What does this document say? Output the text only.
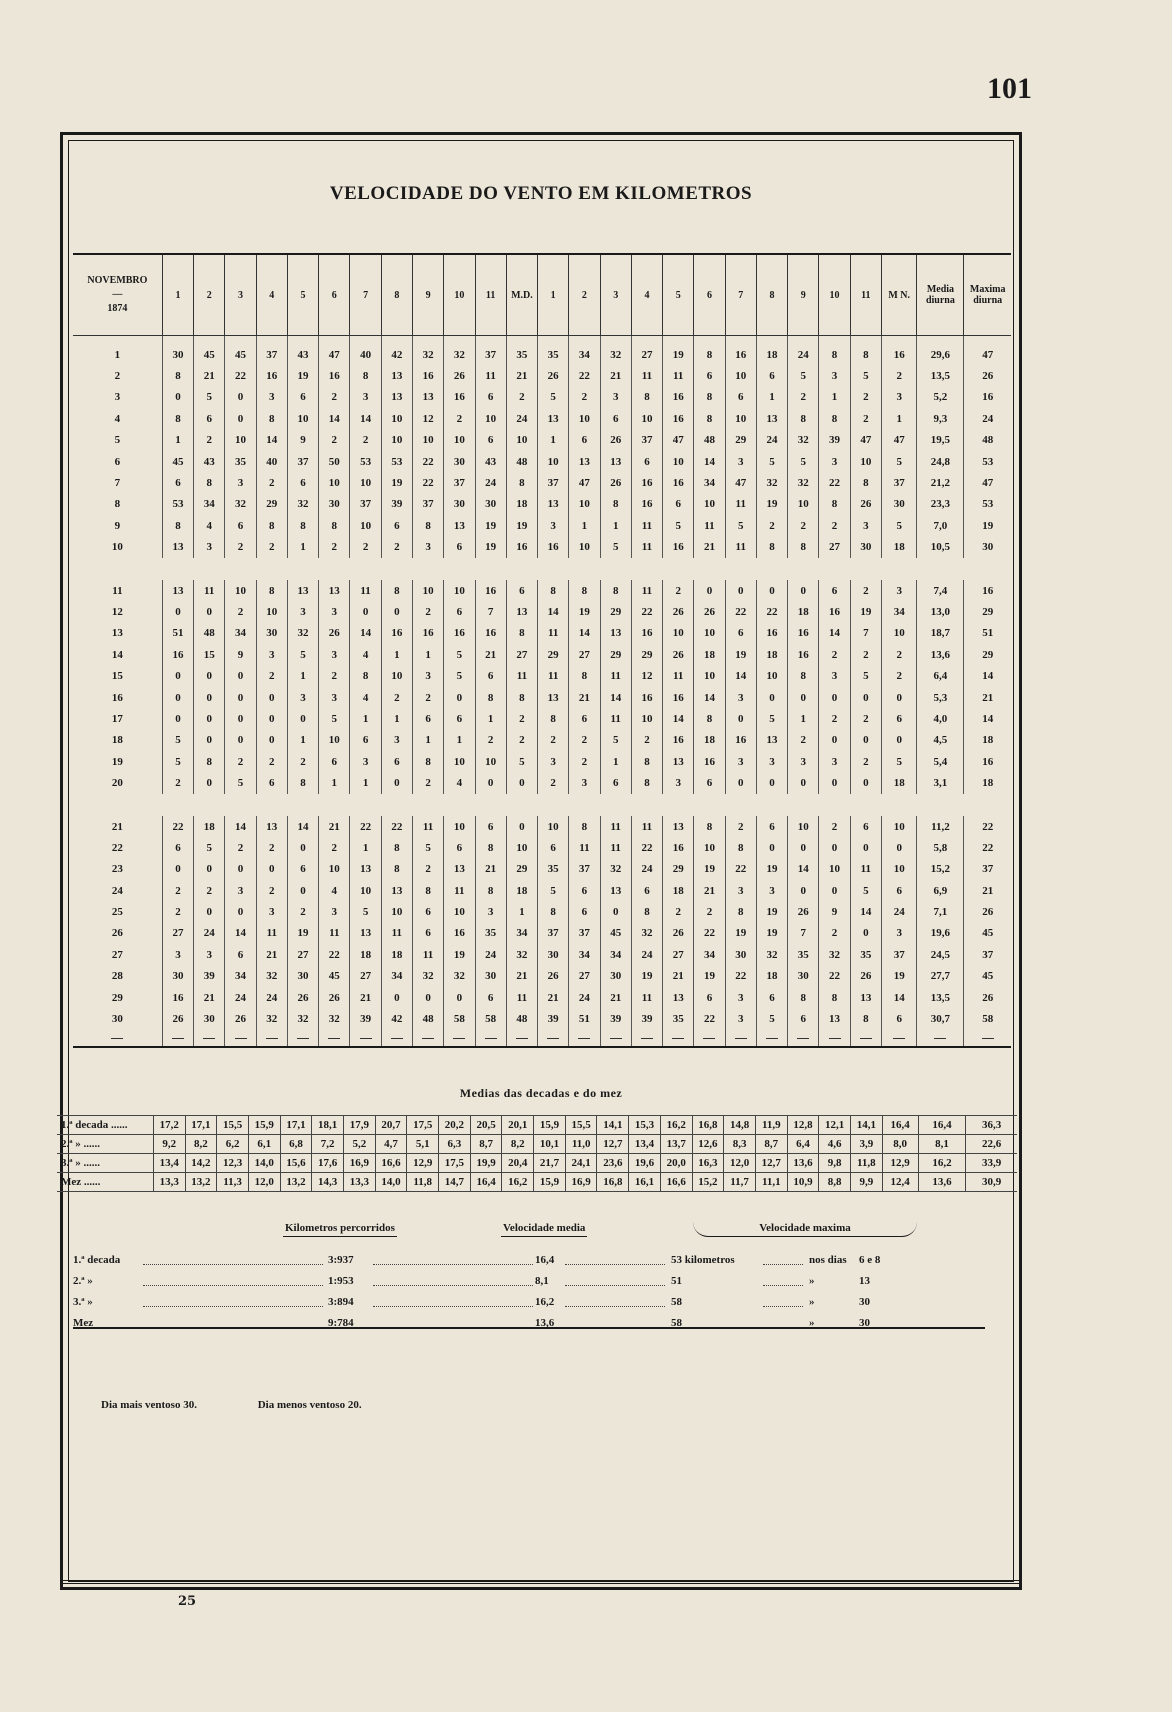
101
VELOCIDADE DO VENTO EM KILOMETROS
NOVEMBRO
—
1874	1	2	3	4	5	6	7	8	9	10	11	M.D.	1	2	3	4	5	6	7	8	9	10	11	M N.	Media diurna	Maxima diurna

1	30	45	45	37	43	47	40	42	32	32	37	35	35	34	32	27	19	8	16	18	24	8	8	16	29,6	47
2	8	21	22	16	19	16	8	13	16	26	11	21	26	22	21	11	11	6	10	6	5	3	5	2	13,5	26
3	0	5	0	3	6	2	3	13	13	16	6	2	5	2	3	8	16	8	6	1	2	1	2	3	5,2	16
4	8	6	0	8	10	14	14	10	12	2	10	24	13	10	6	10	16	8	10	13	8	8	2	1	9,3	24
5	1	2	10	14	9	2	2	10	10	10	6	10	1	6	26	37	47	48	29	24	32	39	47	47	19,5	48
6	45	43	35	40	37	50	53	53	22	30	43	48	10	13	13	6	10	14	3	5	5	3	10	5	24,8	53
7	6	8	3	2	6	10	10	19	22	37	24	8	37	47	26	16	16	34	47	32	32	22	8	37	21,2	47
8	53	34	32	29	32	30	37	39	37	30	30	18	13	10	8	16	6	10	11	19	10	8	26	30	23,3	53
9	8	4	6	8	8	8	10	6	8	13	19	19	3	1	1	11	5	11	5	2	2	2	3	5	7,0	19
10	13	3	2	2	1	2	2	2	3	6	19	16	16	10	5	11	16	21	11	8	8	27	30	18	10,5	30

11	13	11	10	8	13	13	11	8	10	10	16	6	8	8	8	11	2	0	0	0	0	6	2	3	7,4	16
12	0	0	2	10	3	3	0	0	2	6	7	13	14	19	29	22	26	26	22	22	18	16	19	34	13,0	29
13	51	48	34	30	32	26	14	16	16	16	16	8	11	14	13	16	10	10	6	16	16	14	7	10	18,7	51
14	16	15	9	3	5	3	4	1	1	5	21	27	29	27	29	29	26	18	19	18	16	2	2	2	13,6	29
15	0	0	0	2	1	2	8	10	3	5	6	11	11	8	11	12	11	10	14	10	8	3	5	2	6,4	14
16	0	0	0	0	3	3	4	2	2	0	8	8	13	21	14	16	16	14	3	0	0	0	0	0	5,3	21
17	0	0	0	0	0	5	1	1	6	6	1	2	8	6	11	10	14	8	0	5	1	2	2	6	4,0	14
18	5	0	0	0	1	10	6	3	1	1	2	2	2	2	5	2	16	18	16	13	2	0	0	0	4,5	18
19	5	8	2	2	2	6	3	6	8	10	10	5	3	2	1	8	13	16	3	3	3	3	2	5	5,4	16
20	2	0	5	6	8	1	1	0	2	4	0	0	2	3	6	8	3	6	0	0	0	0	0	18	3,1	18

21	22	18	14	13	14	21	22	22	11	10	6	0	10	8	11	11	13	8	2	6	10	2	6	10	11,2	22
22	6	5	2	2	0	2	1	8	5	6	8	10	6	11	11	22	16	10	8	0	0	0	0	0	5,8	22
23	0	0	0	0	6	10	13	8	2	13	21	29	35	37	32	24	29	19	22	19	14	10	11	10	15,2	37
24	2	2	3	2	0	4	10	13	8	11	8	18	5	6	13	6	18	21	3	3	0	0	5	6	6,9	21
25	2	0	0	3	2	3	5	10	6	10	3	1	8	6	0	8	2	2	8	19	26	9	14	24	7,1	26
26	27	24	14	11	19	11	13	11	6	16	35	34	37	37	45	32	26	22	19	19	7	2	0	3	19,6	45
27	3	3	6	21	27	22	18	18	11	19	24	32	30	34	34	24	27	34	30	32	35	32	35	37	24,5	37
28	30	39	34	32	30	45	27	34	32	32	30	21	26	27	30	19	21	19	22	18	30	22	26	19	27,7	45
29	16	21	24	24	26	26	21	0	0	0	6	11	21	24	21	11	13	6	3	6	8	8	13	14	13,5	26
30	26	30	26	32	32	32	39	42	48	58	58	48	39	51	39	39	35	22	3	5	6	13	8	6	30,7	58

Medias das decadas e do mez
1.ª decada ......	17,2	17,1	15,5	15,9	17,1	18,1	17,9	20,7	17,5	20,2	20,5	20,1	15,9	15,5	14,1	15,3	16,2	16,8	14,8	11,9	12,8	12,1	14,1	16,4	16,4	36,3
2.ª » ......	9,2	8,2	6,2	6,1	6,8	7,2	5,2	4,7	5,1	6,3	8,7	8,2	10,1	11,0	12,7	13,4	13,7	12,6	8,3	8,7	6,4	4,6	3,9	8,0	8,1	22,6
3.ª » ......	13,4	14,2	12,3	14,0	15,6	17,6	16,9	16,6	12,9	17,5	19,9	20,4	21,7	24,1	23,6	19,6	20,0	16,3	12,0	12,7	13,6	9,8	11,8	12,9	16,2	33,9
Mez ......	13,3	13,2	11,3	12,0	13,2	14,3	13,3	14,0	11,8	14,7	16,4	16,2	15,9	16,9	16,8	16,1	16,6	15,2	11,7	11,1	10,9	8,8	9,9	12,4	13,6	30,9
Kilometros percorridos	Velocidade media	Velocidade maxima
1.ª decada	3:937	16,4	53 kilometros	nos dias 6 e 8
2.ª »	1:953	8,1	51	»	13
3.ª »	3:894	16,2	58	»	30
Mez	9:784	13,6	58	»	30
Dia mais ventoso 30.	Dia menos ventoso 20.
25
